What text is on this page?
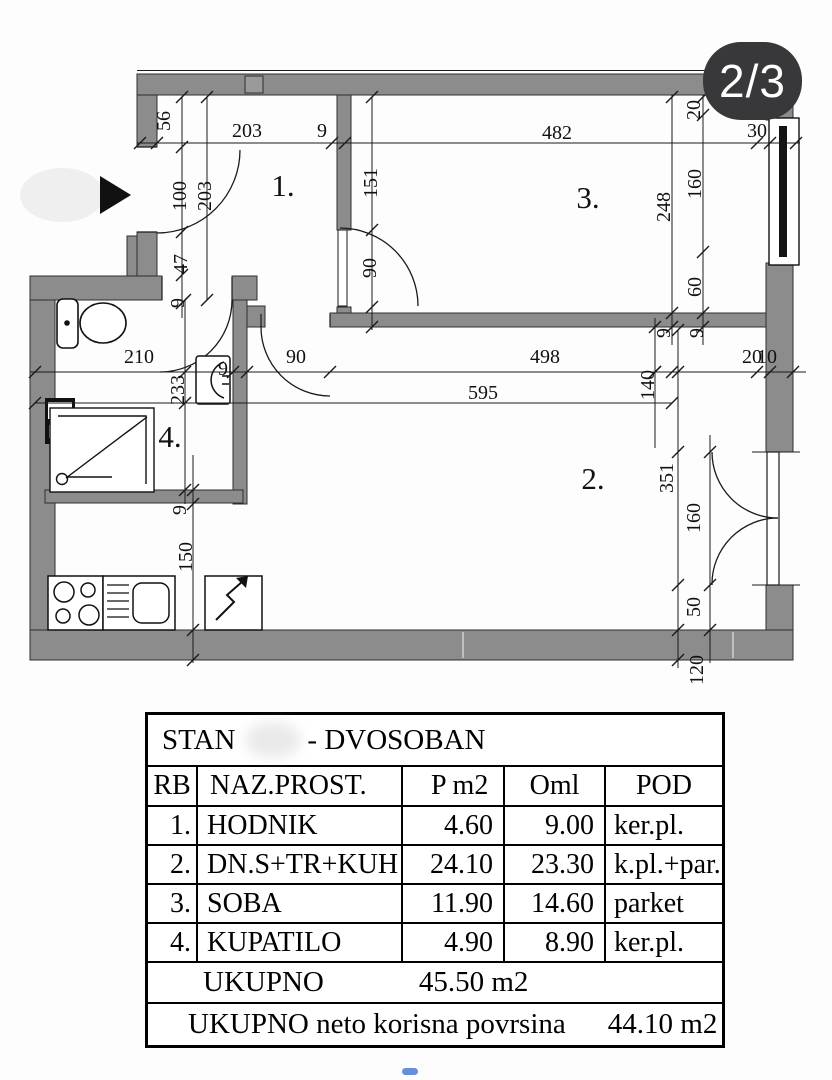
56	203	9	482	30
100 203
47
9
151
90
20
160
248
60
9 9
210
233
9
90	498
595	140
20
10
9
150
351
160
50
120
1.	3.
2.
4.
2/3
STAN - DVOSOBAN
RB NAZ.PROST.	P m2	Oml	POD
1. HODNIK	4.60	9.00 ker.pl.
2. DN.S+TR+KUH	24.10	23.30 k.pl.+par.
3. SOBA	11.90	14.60 parket
4. KUPATILO	4.90	8.90 ker.pl.
UKUPNO	45.50 m2
UKUPNO neto korisna povrsina 44.10 m2
